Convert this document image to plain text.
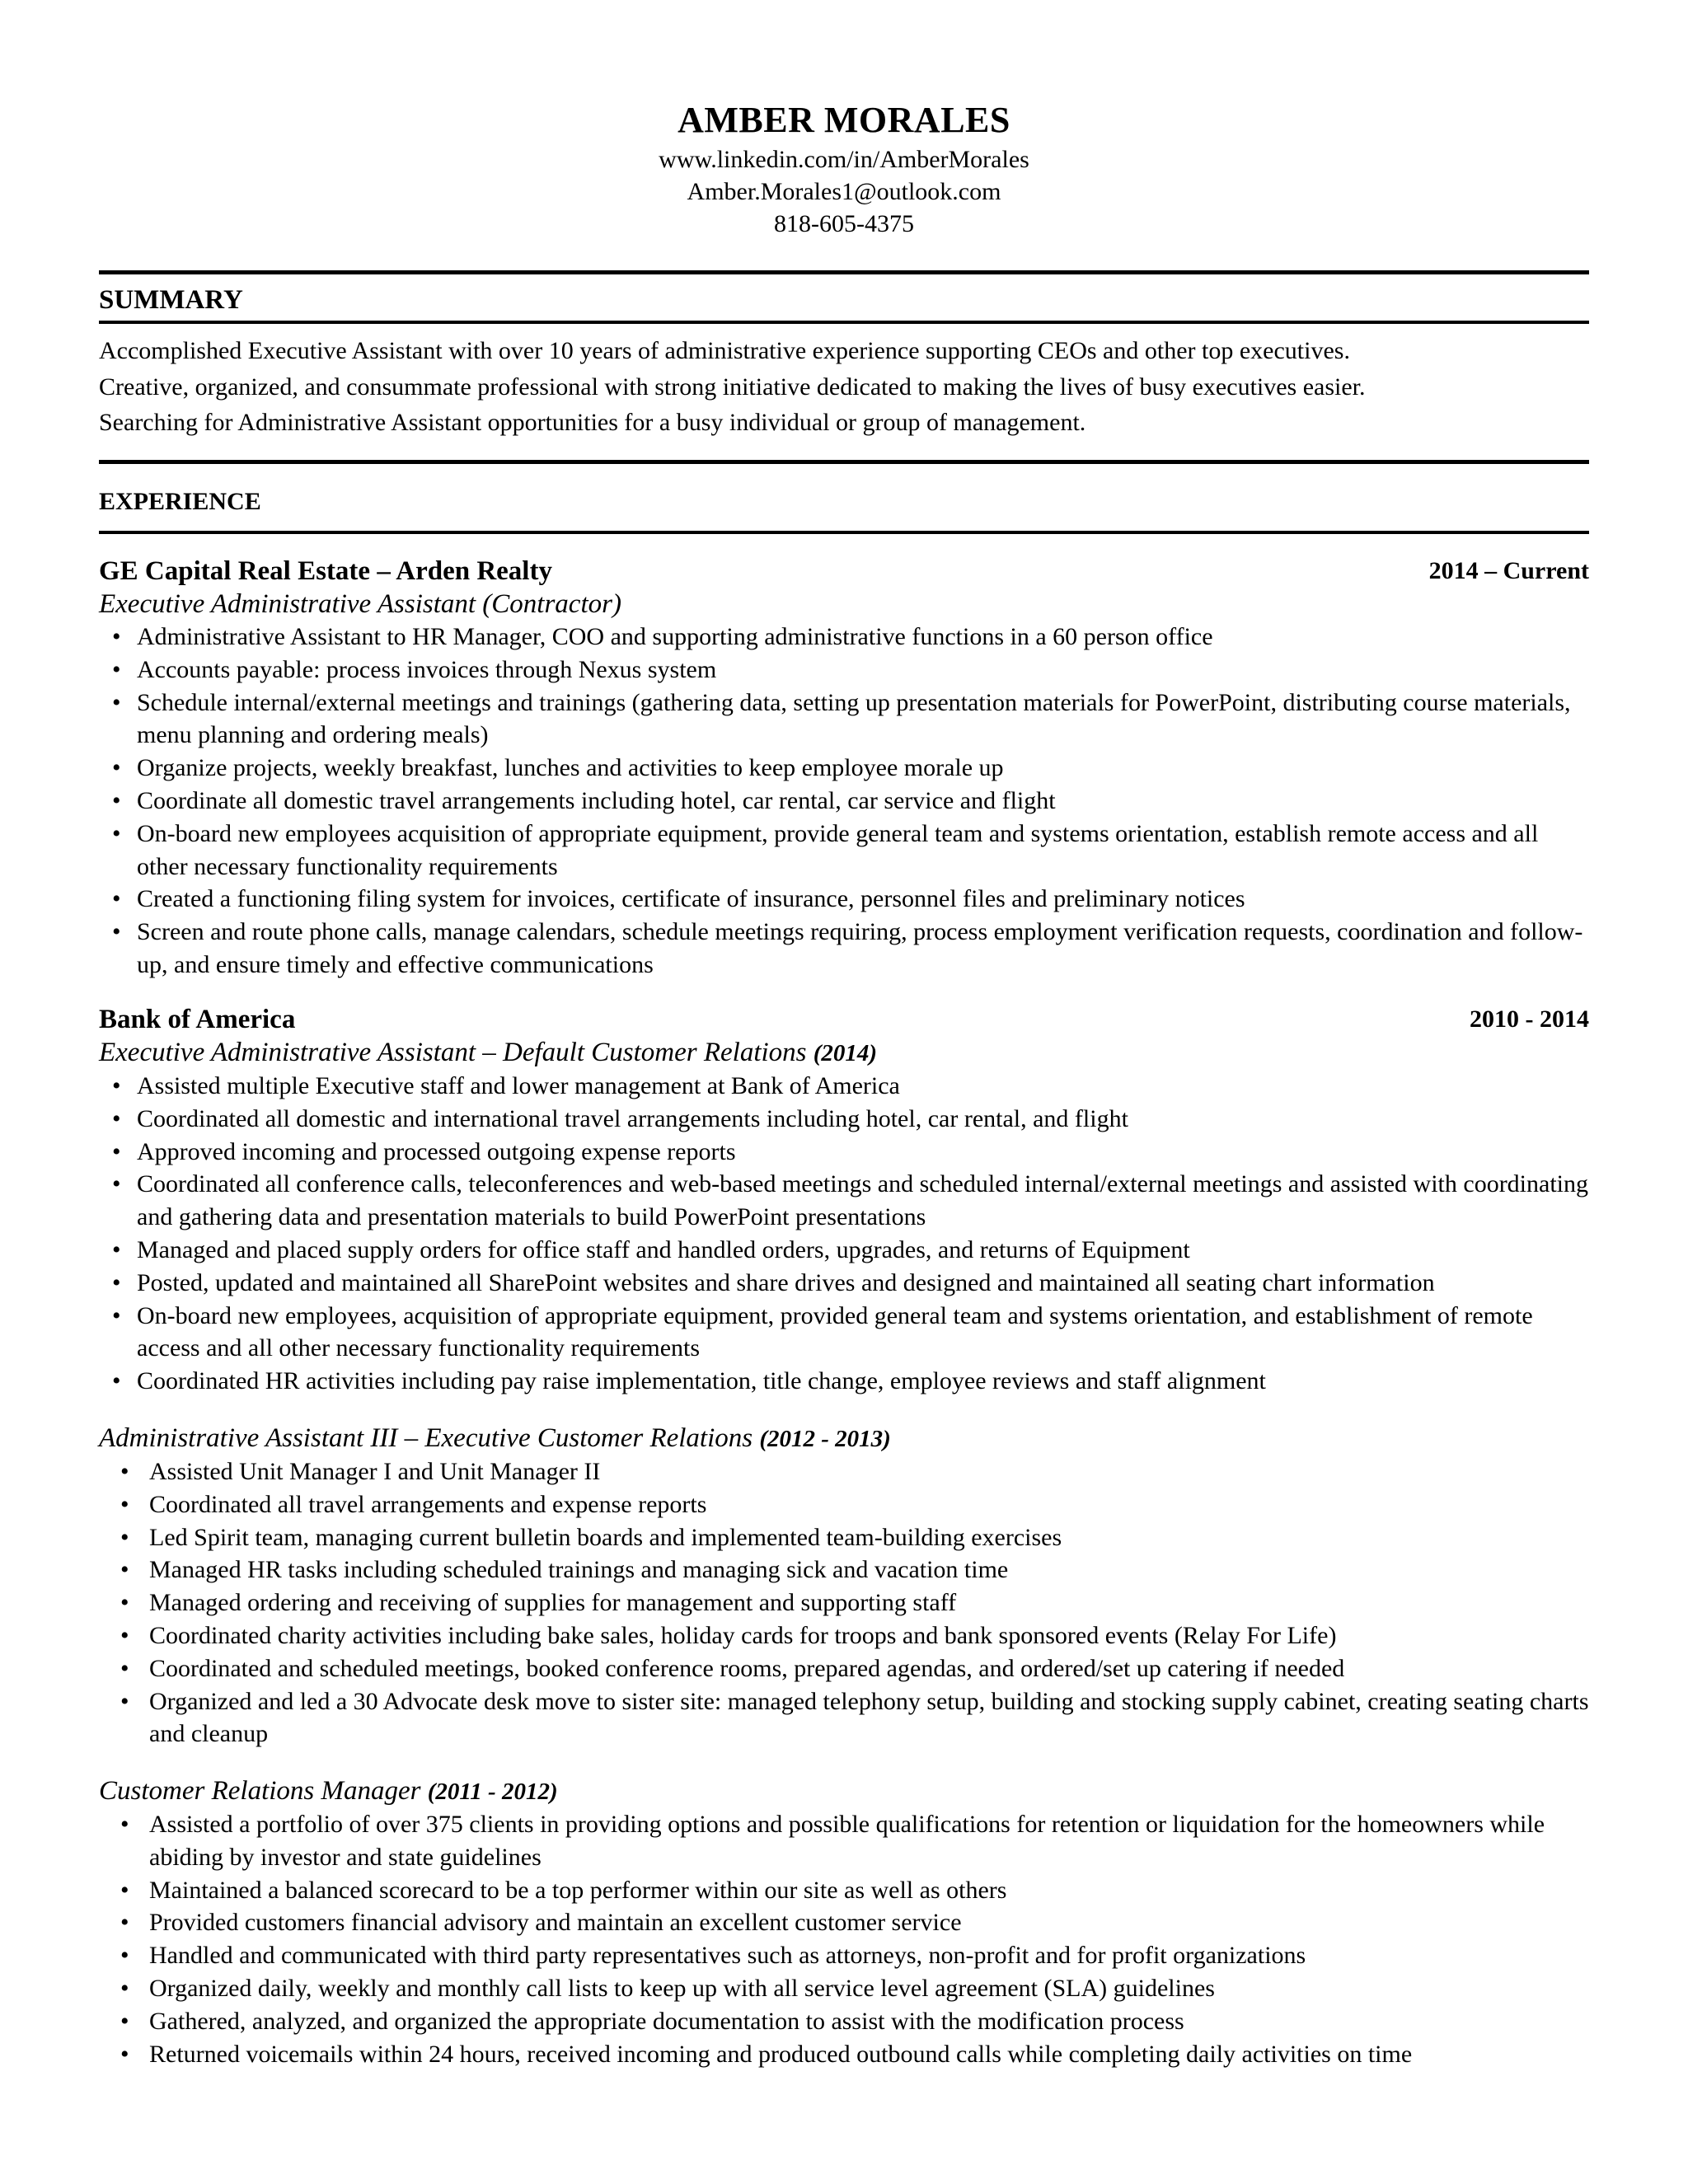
AMBER MORALES
www.linkedin.com/in/AmberMorales
Amber.Morales1@outlook.com
818-605-4375
SUMMARY
Accomplished Executive Assistant with over 10 years of administrative experience supporting CEOs and other top executives.
Creative, organized, and consummate professional with strong initiative dedicated to making the lives of busy executives easier.
Searching for Administrative Assistant opportunities for a busy individual or group of management.
EXPERIENCE
GE Capital Real Estate – Arden Realty	2014 – Current
Executive Administrative Assistant (Contractor)
• Administrative Assistant to HR Manager, COO and supporting administrative functions in a 60 person office
• Accounts payable: process invoices through Nexus system
• Schedule internal/external meetings and trainings (gathering data, setting up presentation materials for PowerPoint, distributing course materials, menu planning and ordering meals)
• Organize projects, weekly breakfast, lunches and activities to keep employee morale up
• Coordinate all domestic travel arrangements including hotel, car rental, car service and flight
• On-board new employees acquisition of appropriate equipment, provide general team and systems orientation, establish remote access and all other necessary functionality requirements
• Created a functioning filing system for invoices, certificate of insurance, personnel files and preliminary notices
• Screen and route phone calls, manage calendars, schedule meetings requiring, process employment verification requests, coordination and follow-up, and ensure timely and effective communications
Bank of America	2010 - 2014
Executive Administrative Assistant – Default Customer Relations (2014)
• Assisted multiple Executive staff and lower management at Bank of America
• Coordinated all domestic and international travel arrangements including hotel, car rental, and flight
• Approved incoming and processed outgoing expense reports
• Coordinated all conference calls, teleconferences and web-based meetings and scheduled internal/external meetings and assisted with coordinating and gathering data and presentation materials to build PowerPoint presentations
• Managed and placed supply orders for office staff and handled orders, upgrades, and returns of Equipment
• Posted, updated and maintained all SharePoint websites and share drives and designed and maintained all seating chart information
• On-board new employees, acquisition of appropriate equipment, provided general team and systems orientation, and establishment of remote access and all other necessary functionality requirements
• Coordinated HR activities including pay raise implementation, title change, employee reviews and staff alignment
Administrative Assistant III – Executive Customer Relations (2012 - 2013)
• Assisted Unit Manager I and Unit Manager II
• Coordinated all travel arrangements and expense reports
• Led Spirit team, managing current bulletin boards and implemented team-building exercises
• Managed HR tasks including scheduled trainings and managing sick and vacation time
• Managed ordering and receiving of supplies for management and supporting staff
• Coordinated charity activities including bake sales, holiday cards for troops and bank sponsored events (Relay For Life)
• Coordinated and scheduled meetings, booked conference rooms, prepared agendas, and ordered/set up catering if needed
• Organized and led a 30 Advocate desk move to sister site: managed telephony setup, building and stocking supply cabinet, creating seating charts and cleanup
Customer Relations Manager (2011 - 2012)
• Assisted a portfolio of over 375 clients in providing options and possible qualifications for retention or liquidation for the homeowners while abiding by investor and state guidelines
• Maintained a balanced scorecard to be a top performer within our site as well as others
• Provided customers financial advisory and maintain an excellent customer service
• Handled and communicated with third party representatives such as attorneys, non-profit and for profit organizations
• Organized daily, weekly and monthly call lists to keep up with all service level agreement (SLA) guidelines
• Gathered, analyzed, and organized the appropriate documentation to assist with the modification process
• Returned voicemails within 24 hours, received incoming and produced outbound calls while completing daily activities on time
